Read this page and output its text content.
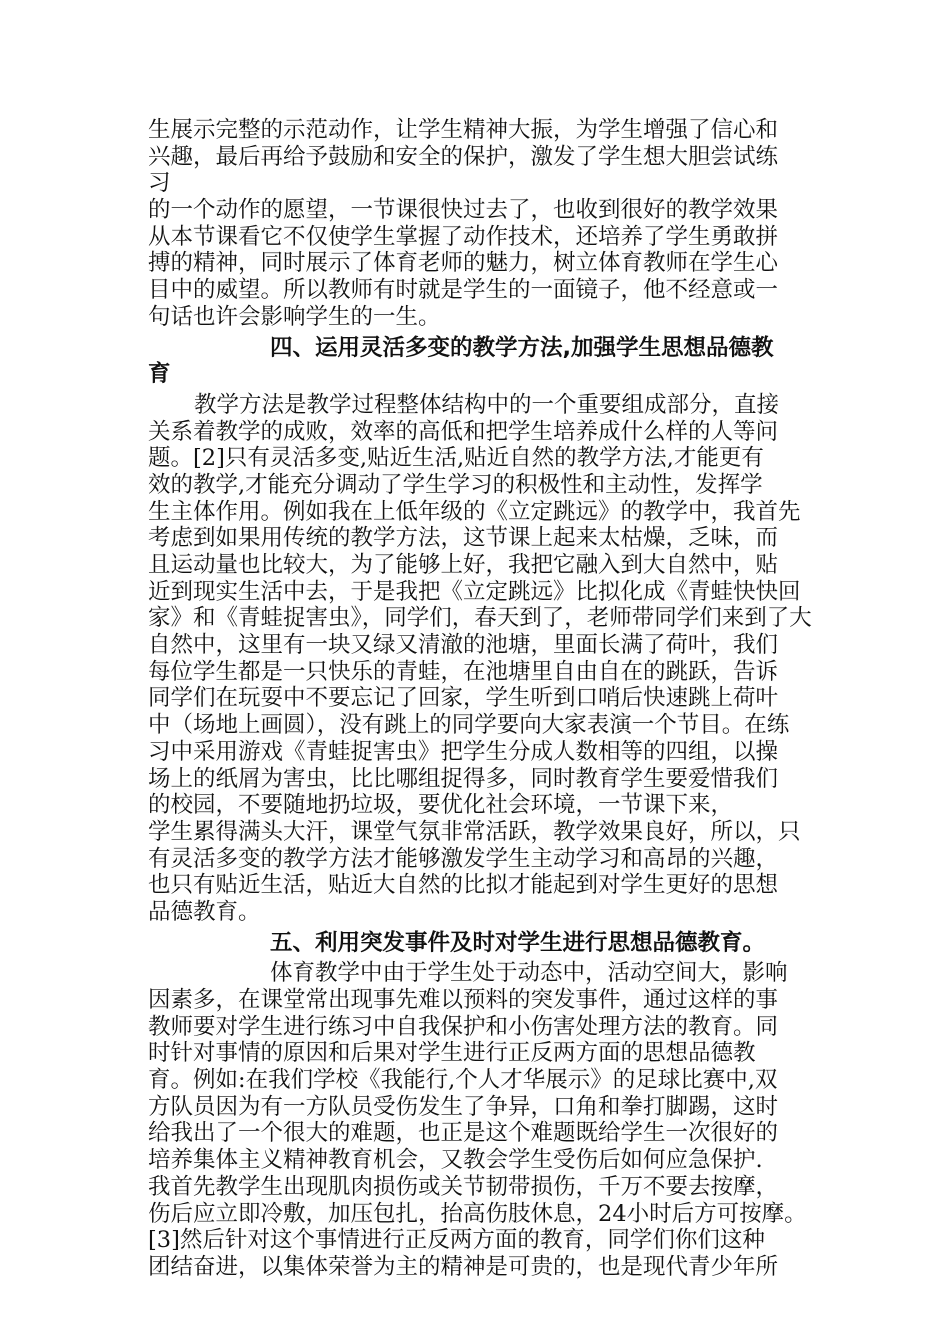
生展示完整的示范动作，让学生精神大振，为学生增强了信心和
兴趣，最后再给予鼓励和安全的保护，激发了学生想大胆尝试练
习
的一个动作的愿望，一节课很快过去了，也收到很好的教学效果
从本节课看它不仅使学生掌握了动作技术，还培养了学生勇敢拼
搏的精神，同时展示了体育老师的魅力，树立体育教师在学生心
目中的威望。所以教师有时就是学生的一面镜子，他不经意或一
句话也许会影响学生的一生。
四、运用灵活多变的教学方法,加强学生思想品德教
育
教学方法是教学过程整体结构中的一个重要组成部分，直接
关系着教学的成败，效率的高低和把学生培养成什么样的人等问
题。[2]只有灵活多变,贴近生活,贴近自然的教学方法,才能更有
效的教学,才能充分调动了学生学习的积极性和主动性，发挥学
生主体作用。例如我在上低年级的《立定跳远》的教学中，我首先
考虑到如果用传统的教学方法，这节课上起来太枯燥，乏味，而
且运动量也比较大，为了能够上好，我把它融入到大自然中，贴
近到现实生活中去，于是我把《立定跳远》比拟化成《青蛙快快回
家》和《青蛙捉害虫》，同学们，春天到了，老师带同学们来到了大
自然中，这里有一块又绿又清澈的池塘，里面长满了荷叶，我们
每位学生都是一只快乐的青蛙，在池塘里自由自在的跳跃，告诉
同学们在玩耍中不要忘记了回家，学生听到口哨后快速跳上荷叶
中（场地上画圆），没有跳上的同学要向大家表演一个节目。在练
习中采用游戏《青蛙捉害虫》把学生分成人数相等的四组，以操
场上的纸屑为害虫，比比哪组捉得多，同时教育学生要爱惜我们
的校园，不要随地扔垃圾，要优化社会环境，一节课下来，
学生累得满头大汗，课堂气氛非常活跃，教学效果良好，所以，只
有灵活多变的教学方法才能够激发学生主动学习和高昂的兴趣，
也只有贴近生活，贴近大自然的比拟才能起到对学生更好的思想
品德教育。
五、利用突发事件及时对学生进行思想品德教育。
体育教学中由于学生处于动态中，活动空间大，影响
因素多，在课堂常出现事先难以预料的突发事件，通过这样的事
教师要对学生进行练习中自我保护和小伤害处理方法的教育。同
时针对事情的原因和后果对学生进行正反两方面的思想品德教
育。例如:在我们学校《我能行,个人才华展示》的足球比赛中,双
方队员因为有一方队员受伤发生了争异，口角和拳打脚踢，这时
给我出了一个很大的难题，也正是这个难题既给学生一次很好的
培养集体主义精神教育机会，又教会学生受伤后如何应急保护.
我首先教学生出现肌肉损伤或关节韧带损伤，千万不要去按摩，
伤后应立即冷敷，加压包扎，抬高伤肢休息，24小时后方可按摩。
[3]然后针对这个事情进行正反两方面的教育，同学们你们这种
团结奋进，以集体荣誉为主的精神是可贵的，也是现代青少年所
